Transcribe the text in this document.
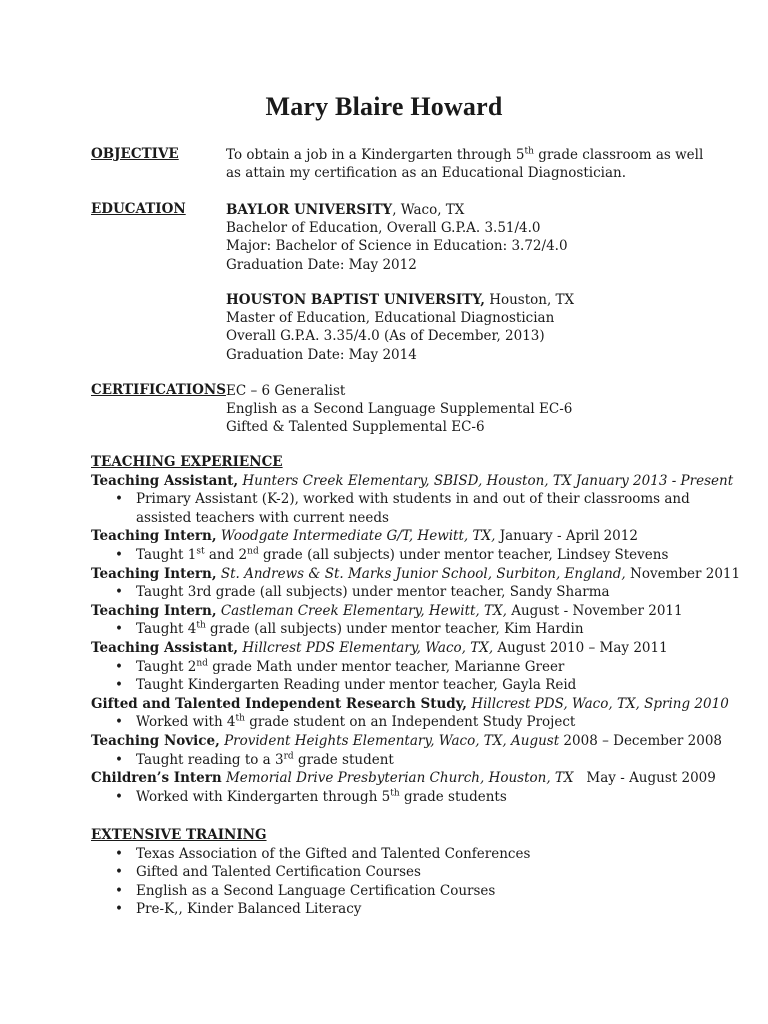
Mary Blaire Howard
OBJECTIVE	To obtain a job in a Kindergarten through 5th grade classroom as well
as attain my certification as an Educational Diagnostician.
EDUCATION	BAYLOR UNIVERSITY, Waco, TX
Bachelor of Education, Overall G.P.A. 3.51/4.0
Major: Bachelor of Science in Education: 3.72/4.0
Graduation Date: May 2012
HOUSTON BAPTIST UNIVERSITY, Houston, TX
Master of Education, Educational Diagnostician
Overall G.P.A. 3.35/4.0 (As of December, 2013)
Graduation Date: May 2014
CERTIFICATIONS EC – 6 Generalist
English as a Second Language Supplemental EC-6
Gifted & Talented Supplemental EC-6
TEACHING EXPERIENCE
Teaching Assistant, Hunters Creek Elementary, SBISD, Houston, TX January 2013 - Present
• Primary Assistant (K-2), worked with students in and out of their classrooms and
assisted teachers with current needs
Teaching Intern, Woodgate Intermediate G/T, Hewitt, TX, January - April 2012
• Taught 1st and 2nd grade (all subjects) under mentor teacher, Lindsey Stevens
Teaching Intern, St. Andrews & St. Marks Junior School, Surbiton, England, November 2011
• Taught 3rd grade (all subjects) under mentor teacher, Sandy Sharma
Teaching Intern, Castleman Creek Elementary, Hewitt, TX, August - November 2011
• Taught 4th grade (all subjects) under mentor teacher, Kim Hardin
Teaching Assistant, Hillcrest PDS Elementary, Waco, TX, August 2010 – May 2011
• Taught 2nd grade Math under mentor teacher, Marianne Greer
• Taught Kindergarten Reading under mentor teacher, Gayla Reid
Gifted and Talented Independent Research Study, Hillcrest PDS, Waco, TX, Spring 2010
• Worked with 4th grade student on an Independent Study Project
Teaching Novice, Provident Heights Elementary, Waco, TX, August 2008 – December 2008
• Taught reading to a 3rd grade student
Children’s Intern Memorial Drive Presbyterian Church, Houston, TX   May - August 2009
• Worked with Kindergarten through 5th grade students
EXTENSIVE TRAINING
• Texas Association of the Gifted and Talented Conferences
• Gifted and Talented Certification Courses
• English as a Second Language Certification Courses
• Pre-K,, Kinder Balanced Literacy
